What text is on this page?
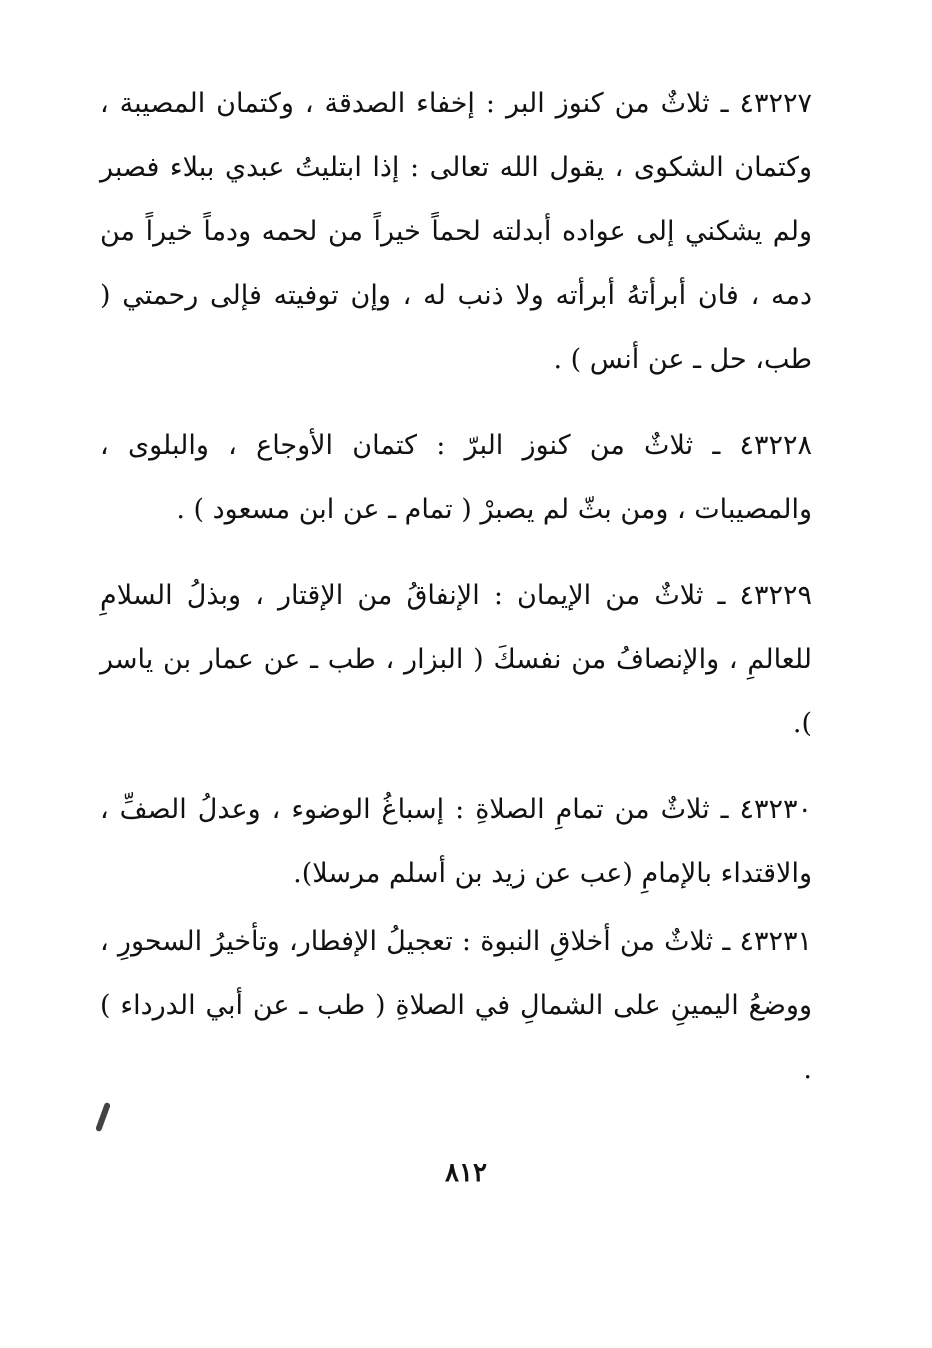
٤٣٢٢٧ ـ ثلاثٌ من كنوز البر : إخفاء الصدقة ، وكتمان المصيبة ، وكتمان الشكوى ، يقول الله تعالى : إذا ابتليتُ عبدي ببلاء فصبر ولم يشكني إلى عواده أبدلته لحماً خيراً من لحمه ودماً خيراً من دمه ، فان أبرأتهُ أبرأته ولا ذنب له ، وإن توفيته فإلى رحمتي ( طب، حل ـ عن أنس ) .

٤٣٢٢٨ ـ ثلاثٌ من كنوز البرّ : كتمان الأوجاع ، والبلوى ، والمصيبات ، ومن بثّ لم يصبرْ ( تمام ـ عن ابن مسعود ) .

٤٣٢٢٩ ـ ثلاثٌ من الإيمان : الإنفاقُ من الإقتار ، وبذلُ السلامِ للعالمِ ، والإنصافُ من نفسكَ ( البزار ، طب ـ عن عمار بن ياسر ).

٤٣٢٣٠ ـ ثلاثٌ من تمامِ الصلاةِ : إسباغُ الوضوء ، وعدلُ الصفِّ ، والاقتداء بالإمامِ (عب عن زيد بن أسلم مرسلا).

٤٣٢٣١ ـ ثلاثٌ من أخلاقِ النبوة : تعجيلُ الإفطار، وتأخيرُ السحورِ ، ووضعُ اليمينِ على الشمالِ في الصلاةِ ( طب ـ عن أبي الدرداء ) .

٨١٢
